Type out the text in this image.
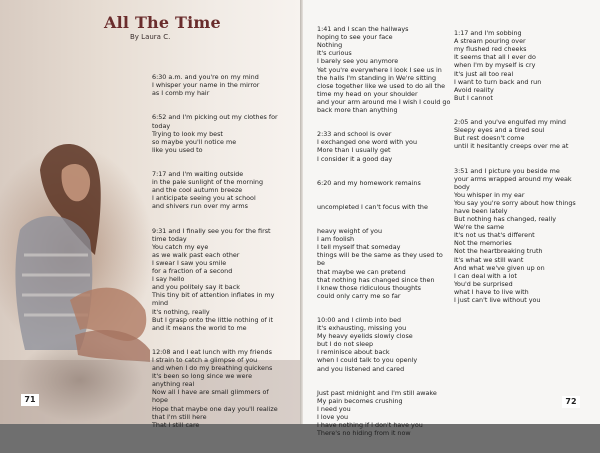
All The Time
By Laura C.

6:30 a.m. and you're on my mind
I whisper your name in the mirror
as I comb my hair

6:52 and I'm picking out my clothes for today
Trying to look my best
so maybe you'll notice me
like you used to

7:17 and I'm waiting outside
in the pale sunlight of the morning
and the cool autumn breeze
I anticipate seeing you at school
and shivers run over my arms

9:31 and I finally see you for the first time today
You catch my eye
as we walk past each other
I swear I saw you smile
for a fraction of a second
I say hello
and you politely say it back
This tiny bit of attention inflates in my mind
It's nothing, really
But I grasp onto the little nothing of it
and it means the world to me

12:08 and I eat lunch with my friends
I strain to catch a glimpse of you
and when I do my breathing quickens
It's been so long since we were anything real
Now all I have are small glimmers of hope
Hope that maybe one day you'll realize
that I'm still here
That I still care

71

1:41 and I scan the hallways
hoping to see your face
Nothing
It's curious
I barely see you anymore
Yet you're everywhere I look I see us in the halls I'm standing in We're sitting close together like we used to do all the time my head on your shoulder
and your arm around me I wish I could go back more than anything

2:33 and school is over
I exchanged one word with you
More than I usually get
I consider it a good day

6:20 and my homework remains

uncompleted I can't focus with the

heavy weight of you
I am foolish
I tell myself that someday
things will be the same as they used to be
that maybe we can pretend
that nothing has changed since then
I knew those ridiculous thoughts
could only carry me so far

10:00 and I climb into bed
It's exhausting, missing you
My heavy eyelids slowly close
but I do not sleep
I reminisce about back
when I could talk to you openly
and you listened and cared

Just past midnight and I'm still awake
My pain becomes crushing
I need you
I love you
I have nothing if I don't have you
There's no hiding from it now

1:17 and I'm sobbing
A stream pouring over
my flushed red cheeks
It seems that all I ever do
when I'm by myself is cry
It's just all too real
I want to turn back and run
Avoid reality
But I cannot

2:05 and you've engulfed my mind
Sleepy eyes and a tired soul
But rest doesn't come
until it hesitantly creeps over me at

3:51 and I picture you beside me
your arms wrapped around my weak body
You whisper in my ear
You say you're sorry about how things have been lately
But nothing has changed, really
We're the same
It's not us that's different
Not the memories
Not the heartbreaking truth
It's what we still want
And what we've given up on
I can deal with a lot
You'd be surprised
what I have to live with
I just can't live without you

72
